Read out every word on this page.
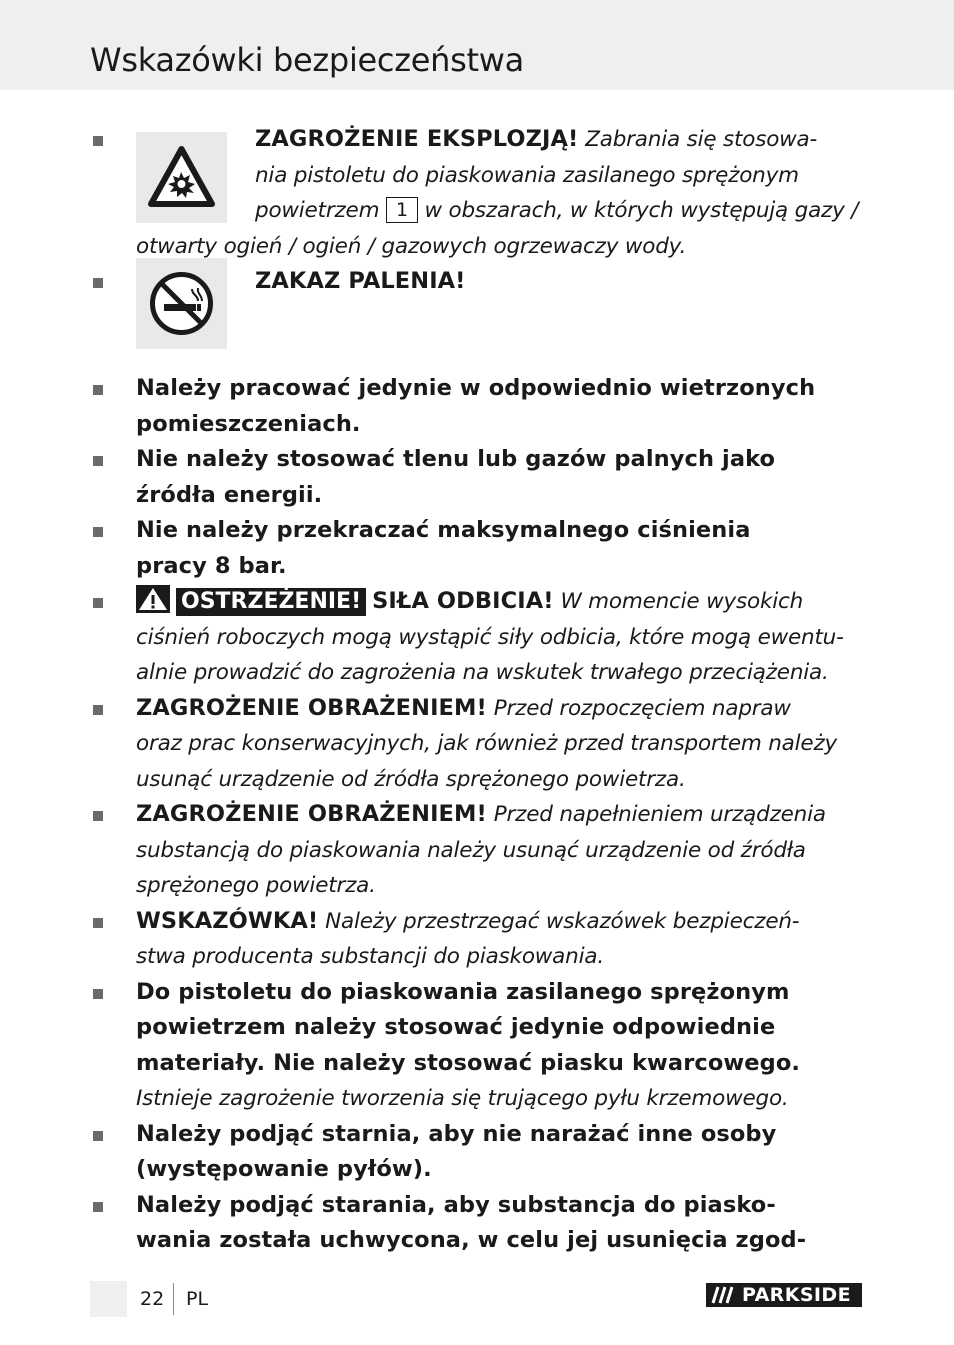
Wskazówki bezpieczeństwa
ZAGROŻENIE EKSPLOZJĄ! Zabrania się stosowa-
nia pistoletu do piaskowania zasilanego sprężonym
powietrzem 1 w obszarach, w których występują gazy /
otwarty ogień / ogień / gazowych ogrzewaczy wody.
ZAKAZ PALENIA!
Należy pracować jedynie w odpowiednio wietrzonych
pomieszczeniach.
Nie należy stosować tlenu lub gazów palnych jako
źródła energii.
Nie należy przekraczać maksymalnego ciśnienia
pracy 8 bar.
OSTRZEŻENIE! SIŁA ODBICIA! W momencie wysokich
ciśnień roboczych mogą wystąpić siły odbicia, które mogą ewentu-
alnie prowadzić do zagrożenia na wskutek trwałego przeciążenia.
ZAGROŻENIE OBRAŻENIEM! Przed rozpoczęciem napraw
oraz prac konserwacyjnych, jak również przed transportem należy
usunąć urządzenie od źródła sprężonego powietrza.
ZAGROŻENIE OBRAŻENIEM! Przed napełnieniem urządzenia
substancją do piaskowania należy usunąć urządzenie od źródła
sprężonego powietrza.
WSKAZÓWKA! Należy przestrzegać wskazówek bezpieczeń-
stwa producenta substancji do piaskowania.
Do pistoletu do piaskowania zasilanego sprężonym
powietrzem należy stosować jedynie odpowiednie
materiały. Nie należy stosować piasku kwarcowego.
Istnieje zagrożenie tworzenia się trującego pyłu krzemowego.
Należy podjąć starnia, aby nie narażać inne osoby
(występowanie pyłów).
Należy podjąć starania, aby substancja do piasko-
wania została uchwycona, w celu jej usunięcia zgod-
22 PL	PARKSIDE
